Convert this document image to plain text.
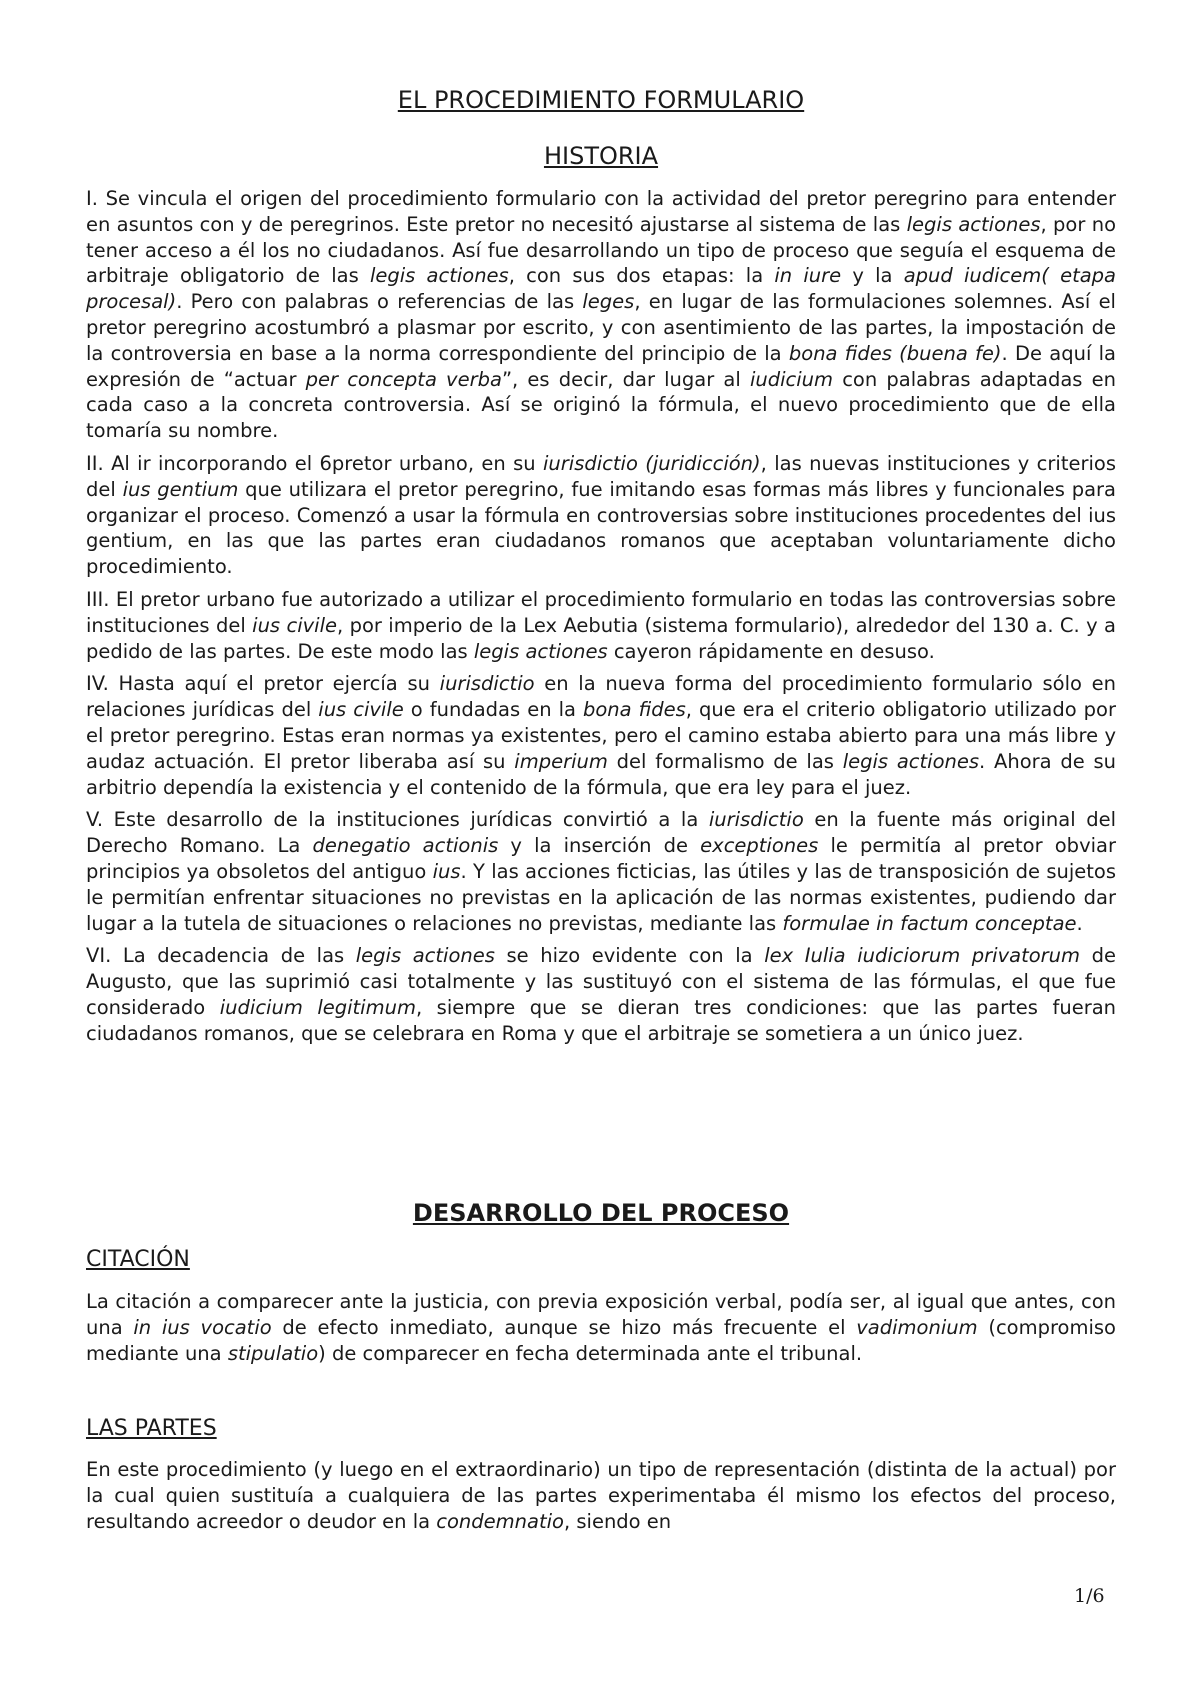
EL PROCEDIMIENTO FORMULARIO
HISTORIA

I. Se vincula el origen del procedimiento formulario con la actividad del pretor peregrino para entender en asuntos con y de peregrinos. Este pretor no necesitó ajustarse al sistema de las legis actiones, por no tener acceso a él los no ciudadanos. Así fue desarrollando un tipo de proceso que seguía el esquema de arbitraje obligatorio de las legis actiones, con sus dos etapas: la in iure y la apud iudicem( etapa procesal). Pero con palabras o referencias de las leges, en lugar de las formulaciones solemnes. Así el pretor peregrino acostumbró a plasmar por escrito, y con asentimiento de las partes, la impostación de la controversia en base a la norma correspondiente del principio de la bona fides (buena fe). De aquí la expresión de “actuar per concepta verba”, es decir, dar lugar al iudicium con palabras adaptadas en cada caso a la concreta controversia. Así se originó la fórmula, el nuevo procedimiento que de ella tomaría su nombre.

II. Al ir incorporando el 6pretor urbano, en su iurisdictio (juridicción), las nuevas instituciones y criterios del ius gentium que utilizara el pretor peregrino, fue imitando esas formas más libres y funcionales para organizar el proceso. Comenzó a usar la fórmula en controversias sobre instituciones procedentes del ius gentium, en las que las partes eran ciudadanos romanos que aceptaban voluntariamente dicho procedimiento.

III. El pretor urbano fue autorizado a utilizar el procedimiento formulario en todas las controversias sobre instituciones del ius civile, por imperio de la Lex Aebutia (sistema formulario), alrededor del 130 a. C. y a pedido de las partes. De este modo las legis actiones cayeron rápidamente en desuso.

IV. Hasta aquí el pretor ejercía su iurisdictio en la nueva forma del procedimiento formulario sólo en relaciones jurídicas del ius civile o fundadas en la bona fides, que era el criterio obligatorio utilizado por el pretor peregrino. Estas eran normas ya existentes, pero el camino estaba abierto para una más libre y audaz actuación. El pretor liberaba así su imperium del formalismo de las legis actiones. Ahora de su arbitrio dependía la existencia y el contenido de la fórmula, que era ley para el juez.

V. Este desarrollo de la instituciones jurídicas convirtió a la iurisdictio en la fuente más original del Derecho Romano. La denegatio actionis y la inserción de exceptiones le permitía al pretor obviar principios ya obsoletos del antiguo ius. Y las acciones ficticias, las útiles y las de transposición de sujetos le permitían enfrentar situaciones no previstas en la aplicación de las normas existentes, pudiendo dar lugar a la tutela de situaciones o relaciones no previstas, mediante las formulae in factum conceptae.

VI. La decadencia de las legis actiones se hizo evidente con la lex Iulia iudiciorum privatorum de Augusto, que las suprimió casi totalmente y las sustituyó con el sistema de las fórmulas, el que fue considerado iudicium legitimum, siempre que se dieran tres condiciones: que las partes fueran ciudadanos romanos, que se celebrara en Roma y que el arbitraje se sometiera a un único juez.

DESARROLLO DEL PROCESO
CITACIÓN

La citación a comparecer ante la justicia, con previa exposición verbal, podía ser, al igual que antes, con una in ius vocatio de efecto inmediato, aunque se hizo más frecuente el vadimonium (compromiso mediante una stipulatio) de comparecer en fecha determinada ante el tribunal.

LAS PARTES

En este procedimiento (y luego en el extraordinario) un tipo de representación (distinta de la actual) por la cual quien sustituía a cualquiera de las partes experimentaba él mismo los efectos del proceso, resultando acreedor o deudor en la condemnatio, siendo en

1/6
